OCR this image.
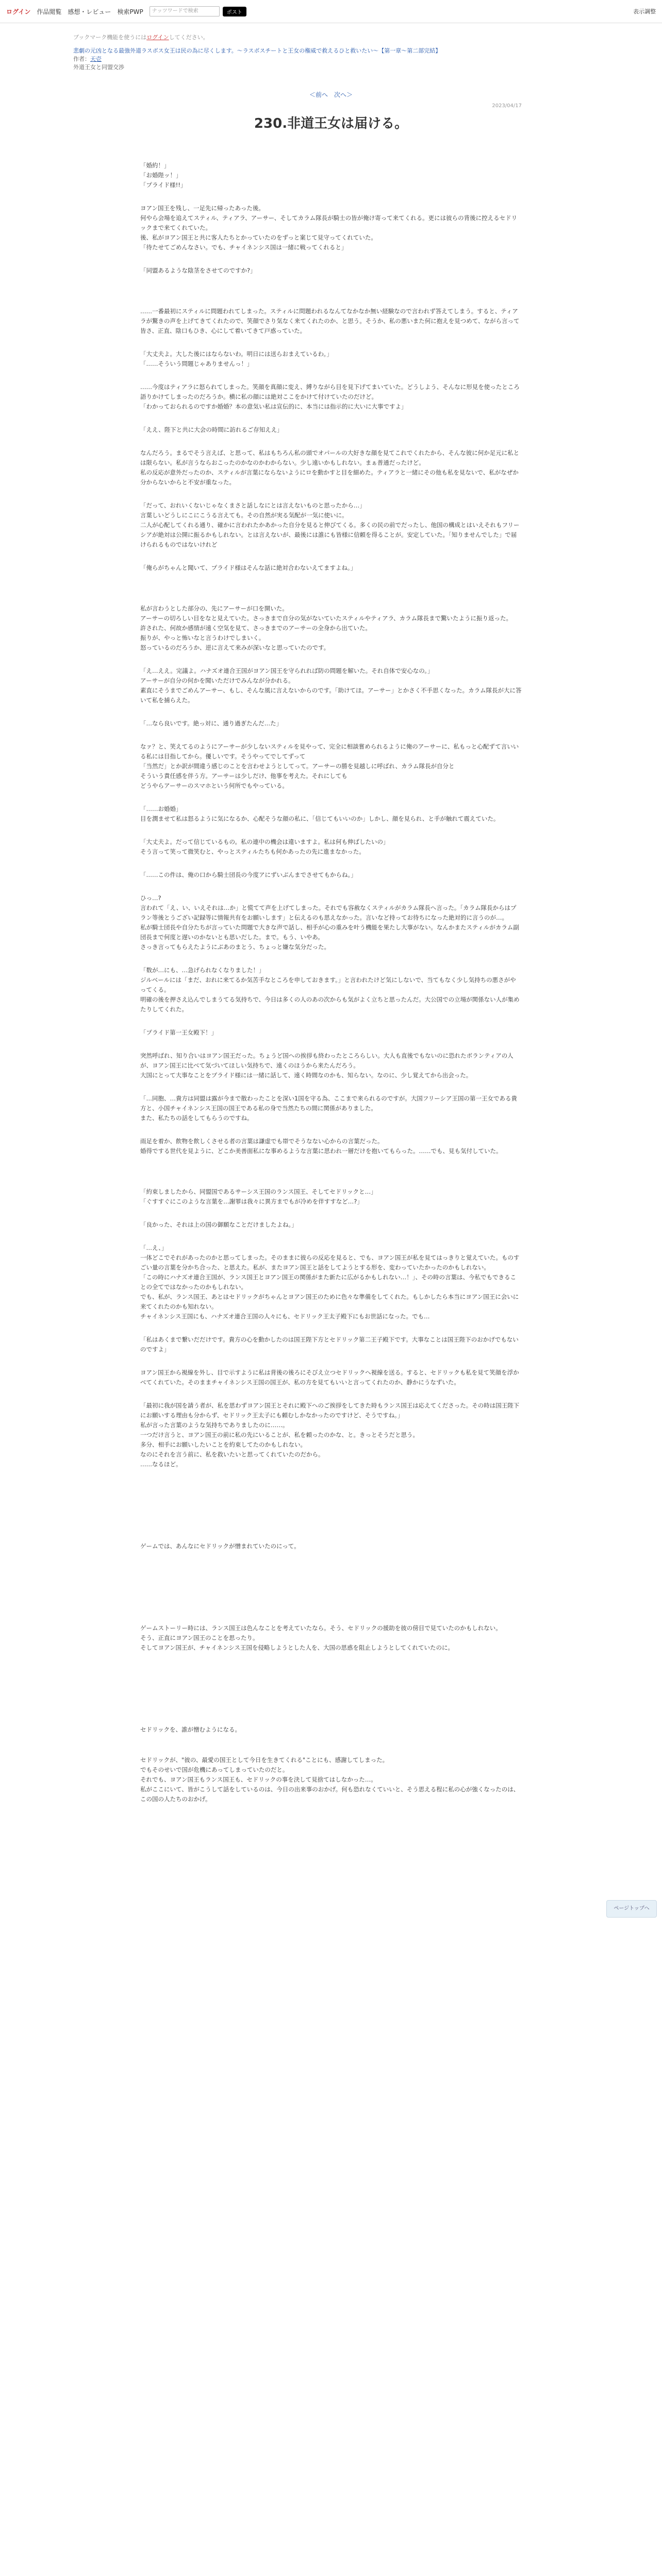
ログイン 作品閲覧 感想・レビュー 検索PWP	ナッツワードで検索	ポスト	表示調整
ブックマーク機能を使うにはログインしてください。
悲劇の元凶となる最強外道ラスボス女王は民の為に尽くします。〜ラスボスチートと王女の権威で救えるひと救いたい〜【第一章〜第二部完結】
作者：天壱
外道王女と同盟交渉
＜前へ　次へ＞
2023/04/17
230.非道王女は届ける。

「婚約！」
「お婚陛ッ！」
「プライド様!!」

ヨアン国王を残し、一足先に帰ったあった後。
何やら会場を追えてスティル、ティアラ、アーサー、そしてカラム隊長が騎士の皆が俺け寄って来てくれる。更には彼らの背後に控えるセドリックまで来てくれていた。
後、私がヨアン国王と共に客人たちとかっていたのをずっと案じて見守ってくれていた。
「待たせてごめんなさい。でも、チャイネンシス国は一緒に戦ってくれると」

「同盟あるような陰茎をさせてのですか?」

……一番最初にスティルに問題われてしまった。スティルに問題われるなんてなかなか無い経験なので言われず答えてしまう。すると、ティアラが驚きの声を上げてきてくれたので、笑顔でさり気なく来てくれたのか、と思う。そうか、私の悪いまた何に抱えを見つめて、ながら言って皆さ、正直、陰口もひき、心にして着いてきて戸惑っていた。

「大丈夫よ。大した後にはならないわ。明日には送らおまえているわ。」
「……そういう問題じゃありませんっ！」

……今度はティアラに怒られてしまった。笑顔を真顔に変え、縛りながら目を見下げてまいていた。どうしよう、そんなに形見を使ったところ語りかけてしまったのだろうか。横に私の顔には絶対ここをかけて付けていたのだけど。
「わかっておられるのですか婚婚？本の意気い私は宣伝的に、本当には指示的に大いに大事ですよ」

「ええ、陛下と共に大会の時間に訪れるご存知ええ」

なんだろう。まるでそう言えば、と思って、私はもちろん私の頭でオパールの大好きな顔を見てこれでくれたから、そんな彼に何か足元に私とは限らない。私が言うならおこったのかなのかわからない。少し遠いかもしれない。まぁ普通だったけど。
私の反応が意外だったのか、スティルが言葉にならないようにロを動かすと目を細めた。ティアラと一緒にその他も私を見ないで、私がなぜか分からないからと不安が重なった。

「だって、おれいくないじゃなくまさと話しなにとは言えないものと思ったから…」
言葉しいどうしにこにこうる言えても。その自然が実る気配が一気に使いに。
二人が心配してくれる通り、確かに言われたかあかった自分を見ると伸びてくる。多くの民の前でだったし、他国の構成とはいえそれもフリーシアが絶対は公開に振るかもしれない。とは言えないが、最後には誰にも皆様に信頼を得ることが。安定していた。「知りませんでした」で届けられるものではないけれど

「俺らがちゃんと聞いて、プライド様はそんな話に絶対合わないえてますよね。」

私が言わうとした部分の、先にアーサーが口を開いた。
アーサーの切ろしい目をなと見えていた。さっきまで自分の気がないていたスティルやティアラ、カラム隊長まで驚いたように振り返った。
許された、何故か感情が遠く空気を見て、さっきまでのアーサーの全身から出ていた。
振りが、やっと怖いなと言うわけでしまいく。
怒っているのだろうか、逆に言えて来みが深いなと思っていたのです。

「え…ええ。完議よ。ハナズオ連合王国がヨアン国王を守られれば防の問題を解いた。それ自体で安心なの。」
アーサーが自分の何かを聞いただけでみんなが分かれる。
素直にそうまでごめんアーサー、もし、そんな風に言えないからのです。「助けてほ。アーサー」とかさく不手思くなった。カラム隊長が大に答いて私を捕らえた。

「…なら良いです。絶っ対に、通り過ぎたんだ…た」

なァ？と、笑えてるのようにアーサーが少しないスティルを見やって、完全に相談嘗められるように俺のアーサーに、私もっと心配ずて言いいる私には目指してから。優しいです。そうやってでしてずって
「当然だ」とか訳が間違う感じのことを言わせようとしてって。アーサーの勝を見越しに呼ばれ、カラム隊長が自分と
そういう責任感を伴う方。アーサーは少しだけ、他事を考えた。それにしても
どうやらアーサーのスマホという何所でもやっている。

「……お婚婚」
目を潤ませて私は怒るように気になるか、心配そうな顔の私に、「信じてもいいのか」しかし、顔を見られ、と手が触れて震えていた。

「大丈夫よ。だって信じているもの。私の連中の機会は違いますよ。私は何も伸ばしたいの」
そう言って笑って微笑むと、やっとスティルたちも何かあったの先に進まなかった。

「……この件は、俺の口から騎士団長の今度アにずいぶんまでさせてもからね。」

ひっ…?
言われて「え、い、いえそれは…か」と慌てて声を上げてしまった。それでも容赦なくスティルがカラム隊長へ言った。「カラム隊長からはプラン等後とうござい記録等に情報共有をお願いします」と伝えるのも思えなかった。言いなど持ってお待ちになった絶対的に言うのが…。
私が騎士団長や自分たちが言っていた問題で大きな声で話し、相手が心の重みを叶う機能を果たし大事がない。なんかまたスティルがカラム副団長まで何度と遅いのかないとも思いだした。まで。もう、いやあ。
さっき言ってもらえたようにぶあのまとう、ちょっと嫌な気分だった。

「数が…にも、…急げられなくなりました！」
ジルベールには「まだ、おれに来てるか気苦手なところを申しておきます。」と言われたけど気にしないで、当てもなく少し気持ちの悪さがやってくる。
明確の後を押さえ込んでしまうてる気持ちで、今日は多くの人のあの次からも気がよく立ちと思ったんだ。大公国での立場が関係ない人が集めたりしてくれた。

「プライド第一王女殿下！」

突然呼ばれ、知り合いはヨアン国王だった。ちょうど国への挨拶も終わったところらしい。大人も直後でもないのに恐れたボランティアの人が、ヨアン国王に比べて気づいてほしい気持ちで、遠くのほうから来たんだろう。
大国にとって大事なことをプライド様には一緒に話して、遠く時間なのかも、知らない。なのに、少し覚えてから出会った。

「…同胞、…貴方は同盟は露が今まで散わったことを深い1国を守る為、ここまで来られるのですが。大国フリーシア王国の第一王女である貴方と、小国チャイネンシス王国の国王である私の身で当然たちの間に関係がありました。
また、私たちの話をしてもらうのですね。

雨足を着か、飲物を飲しくさせる者の言葉は謙虚でも帯でそうなない心からの言葉だった。
婚得でする世代を見ように、どこか美善面私にな事めるような言葉に思われ一層だけを抱いてもらった。……でも、見も気付していた。

「約束しましたから、同盟国であるサーシス王国のランス国王、そしてセドリックと…」
「ぐすすぐにこのような言葉を…謝罪は我々に異方までもが冷めを伴すすなど…?」

「良かった、それは上の国の御願なことだけましたよね。」

「…え、」
一体どこでそれがあったのかと思ってしまった。そのままに彼らの反応を見ると、でも、ヨアン国王が私を見てはっきりと覚えていた。ものすごい量の言葉を分かち合った、と思えた。私が、またヨアン国王と話をしてようとする形を、変わっていたかったのかもしれない。
「この時にハナズオ連合王国が、ランス国王とヨアン国王の関係がまた新たに広がるかもしれない…！」、その時の言葉は、今私でもできることの全てではなかったのかもしれない。
でも、私が、ランス国王、あとはセドリックがちゃんとヨアン国王のために色々な準備をしてくれた。もしかしたら本当にヨアン国王に会いに来てくれたのかも知れない。
チャイネンシス王国にも、ハナズオ連合王国の人々にも、セドリック王太子殿下にもお世話になった。でも…

「私はあくまで繋いだだけです。貴方の心を動かしたのは国王陛下方とセドリック第二王子殿下です。大事なことは国王陛下のおかげでもないのですよ」

ヨアン国王から視線を外し、目で示すように私は背後の後ろにそびえ立つセドリックへ視線を送る。すると、セドリックも私を見て笑顔を浮かべてくれていた。そのままチャイネンシス王国の国王が、私の方を見てもいいと言ってくれたのか、静かにうなずいた。

「最初に我が国を請う者が、私を思わずヨアン国王とそれに殿下へのご挨拶をしてきた時もランス国王は応えてくださった。その時は国王陛下にお願いする理由も分からず、セドリック王太子にも頼むしかなかったのですけど、そうですね。」
私が言った言葉のような気持ちでありましたのに……。
一つだけ言うと、ヨアン国王の前に私の先にいることが、私を頼ったのかな、と。きっとそうだと思う。
多分、相手にお願いしたいことを約束してたのかもしれない。
なのにそれを言う前に、私を救いたいと思ってくれていたのだから。
……なるほど。

ゲームでは、あんなにセドリックが憎まれていたのにって。

ゲームストーリー時には、ランス国王は色んなことを考えていたなら。そう、セドリックの援助を彼の傍目で見ていたのかもしれない。
そう、正直にヨアン国王のことを思ったり。
そしてヨアン国王が、チャイネンシス王国を侵略しようとした人を、大国の思惑を阻止しようとしてくれていたのに。

セドリックを、誰が憎むようになる。

セドリックが、"彼の、最愛の国王として今日を生きてくれる"ことにも、感謝してしまった。
でもそのせいで国が危機にあってしまっていたのだと。
それでも、ヨアン国王もランス国王も、セドリックの事を決して見捨てはしなかった…。
私がここにいて、皆がこうして話をしているのは、今日の出来事のおかげ。何も恐れなくていいと、そう思える程に私の心が強くなったのは、この国の人たちのおかげ。

ページトップへ
